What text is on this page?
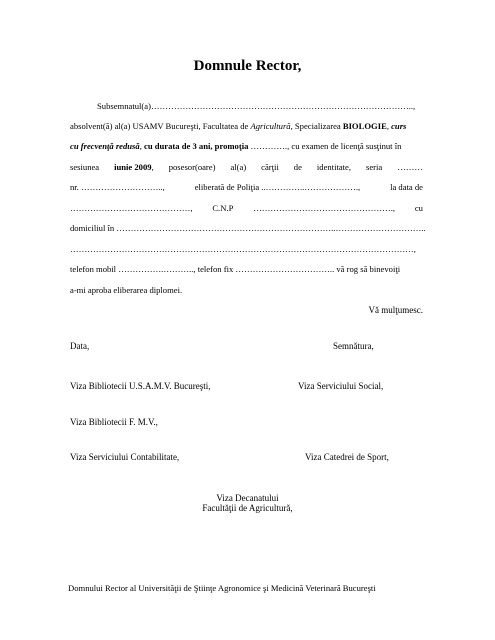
Domnule Rector,
Subsemnatul(a)………………………………………………………………………………..,
absolvent(ă) al(a) USAMV Bucureşti, Facultatea de Agricultură, Specializarea BIOLOGIE, curs
cu frecvenţă redusă, cu durata de 3 ani, promoţia …………., cu examen de licenţă susţinut în
sesiunea iunie 2009, posesor(oare) al(a) cărţii de identitate, seria ………
nr. ………………………..,	eliberată de Poliţia ..…………..……………….,	la data de
……………………………………, C.N.P …………………………………………., cu
domiciliul în …………………………………………………………………..…………………………..
…………………………………………………………………………………………………………,
telefon mobil …………….……….., telefon fix …………………………….. vă rog să binevoiţi
a-mi aproba eliberarea diplomei.
Vă mulţumesc.
Data,	Semnătura,
Viza Bibliotecii U.S.A.M.V. Bucureşti,	Viza Serviciului Social,
Viza Bibliotecii F. M.V.,
Viza Serviciului Contabilitate,	Viza Catedrei de Sport,
Viza Decanatului
Facultăţii de Agricultură,
Domnului Rector al Universităţii de Ştiinţe Agronomice şi Medicină Veterinară Bucureşti
